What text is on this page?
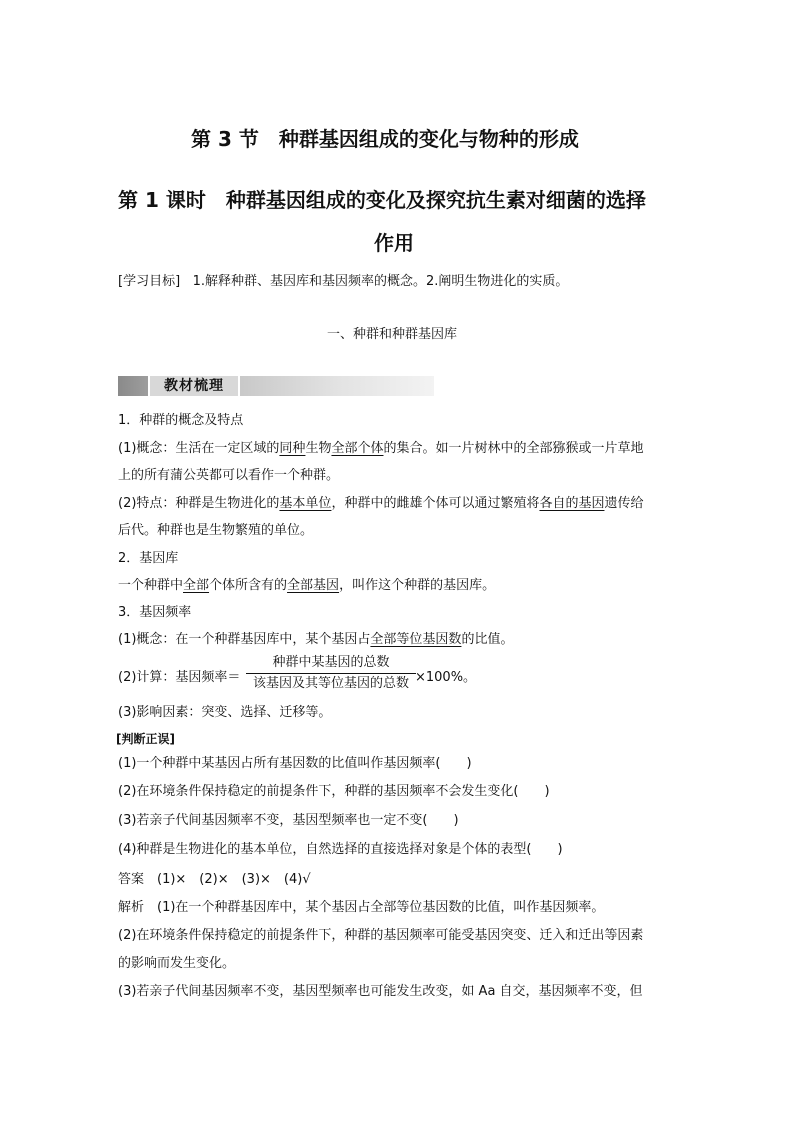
第 3 节　种群基因组成的变化与物种的形成
第 1 课时　种群基因组成的变化及探究抗生素对细菌的选择
作用
[学习目标] 1.解释种群、基因库和基因频率的概念。2.阐明生物进化的实质。
一、种群和种群基因库
教材梳理
1．种群的概念及特点
(1)概念：生活在一定区域的同种生物全部个体的集合。如一片树林中的全部猕猴或一片草地
上的所有蒲公英都可以看作一个种群。
(2)特点：种群是生物进化的基本单位，种群中的雌雄个体可以通过繁殖将各自的基因遗传给
后代。种群也是生物繁殖的单位。
2．基因库
一个种群中全部个体所含有的全部基因，叫作这个种群的基因库。
3．基因频率
(1)概念：在一个种群基因库中，某个基因占全部等位基因数的比值。
(2)计算：基因频率＝
种群中某基因的总数
该基因及其等位基因的总数 ×100%。
(3)影响因素：突变、选择、迁移等。
[判断正误]
(1)一个种群中某基因占所有基因数的比值叫作基因频率(　　)
(2)在环境条件保持稳定的前提条件下，种群的基因频率不会发生变化(　　)
(3)若亲子代间基因频率不变，基因型频率也一定不变(　　)
(4)种群是生物进化的基本单位，自然选择的直接选择对象是个体的表型(　　)
答案　(1)×　(2)×　(3)×　(4)√
解析　(1)在一个种群基因库中，某个基因占全部等位基因数的比值，叫作基因频率。
(2)在环境条件保持稳定的前提条件下，种群的基因频率可能受基因突变、迁入和迁出等因素
的影响而发生变化。
(3)若亲子代间基因频率不变，基因型频率也可能发生改变，如 Aa 自交，基因频率不变，但
